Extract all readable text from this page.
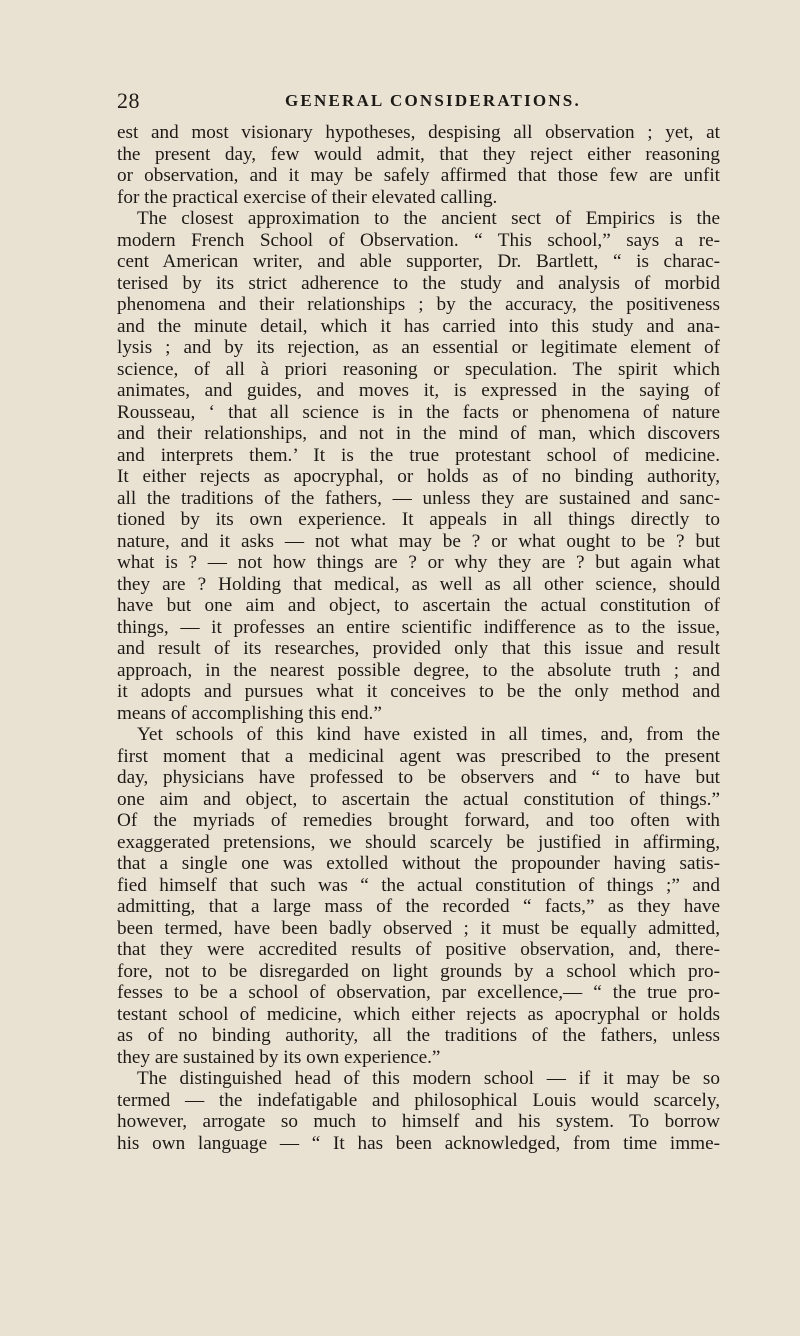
28	GENERAL CONSIDERATIONS.
est and most visionary hypotheses, despising all observation ; yet, at
the present day, few would admit, that they reject either reasoning
or observation, and it may be safely affirmed that those few are unfit
for the practical exercise of their elevated calling.
The closest approximation to the ancient sect of Empirics is the
modern French School of Observation. “ This school,” says a re-
cent American writer, and able supporter, Dr. Bartlett, “ is charac-
terised by its strict adherence to the study and analysis of morbid
phenomena and their relationships ; by the accuracy, the positiveness
and the minute detail, which it has carried into this study and ana-
lysis ; and by its rejection, as an essential or legitimate element of
science, of all à priori reasoning or speculation. The spirit which
animates, and guides, and moves it, is expressed in the saying of
Rousseau, ‘ that all science is in the facts or phenomena of nature
and their relationships, and not in the mind of man, which discovers
and interprets them.’ It is the true protestant school of medicine.
It either rejects as apocryphal, or holds as of no binding authority,
all the traditions of the fathers, — unless they are sustained and sanc-
tioned by its own experience. It appeals in all things directly to
nature, and it asks — not what may be ? or what ought to be ? but
what is ? — not how things are ? or why they are ? but again what
they are ? Holding that medical, as well as all other science, should
have but one aim and object, to ascertain the actual constitution of
things, — it professes an entire scientific indifference as to the issue,
and result of its researches, provided only that this issue and result
approach, in the nearest possible degree, to the absolute truth ; and
it adopts and pursues what it conceives to be the only method and
means of accomplishing this end.”
Yet schools of this kind have existed in all times, and, from the
first moment that a medicinal agent was prescribed to the present
day, physicians have professed to be observers and “ to have but
one aim and object, to ascertain the actual constitution of things.”
Of the myriads of remedies brought forward, and too often with
exaggerated pretensions, we should scarcely be justified in affirming,
that a single one was extolled without the propounder having satis-
fied himself that such was “ the actual constitution of things ;” and
admitting, that a large mass of the recorded “ facts,” as they have
been termed, have been badly observed ; it must be equally admitted,
that they were accredited results of positive observation, and, there-
fore, not to be disregarded on light grounds by a school which pro-
fesses to be a school of observation, par excellence,— “ the true pro-
testant school of medicine, which either rejects as apocryphal or holds
as of no binding authority, all the traditions of the fathers, unless
they are sustained by its own experience.”
The distinguished head of this modern school — if it may be so
termed — the indefatigable and philosophical Louis would scarcely,
however, arrogate so much to himself and his system. To borrow
his own language — “ It has been acknowledged, from time imme-
